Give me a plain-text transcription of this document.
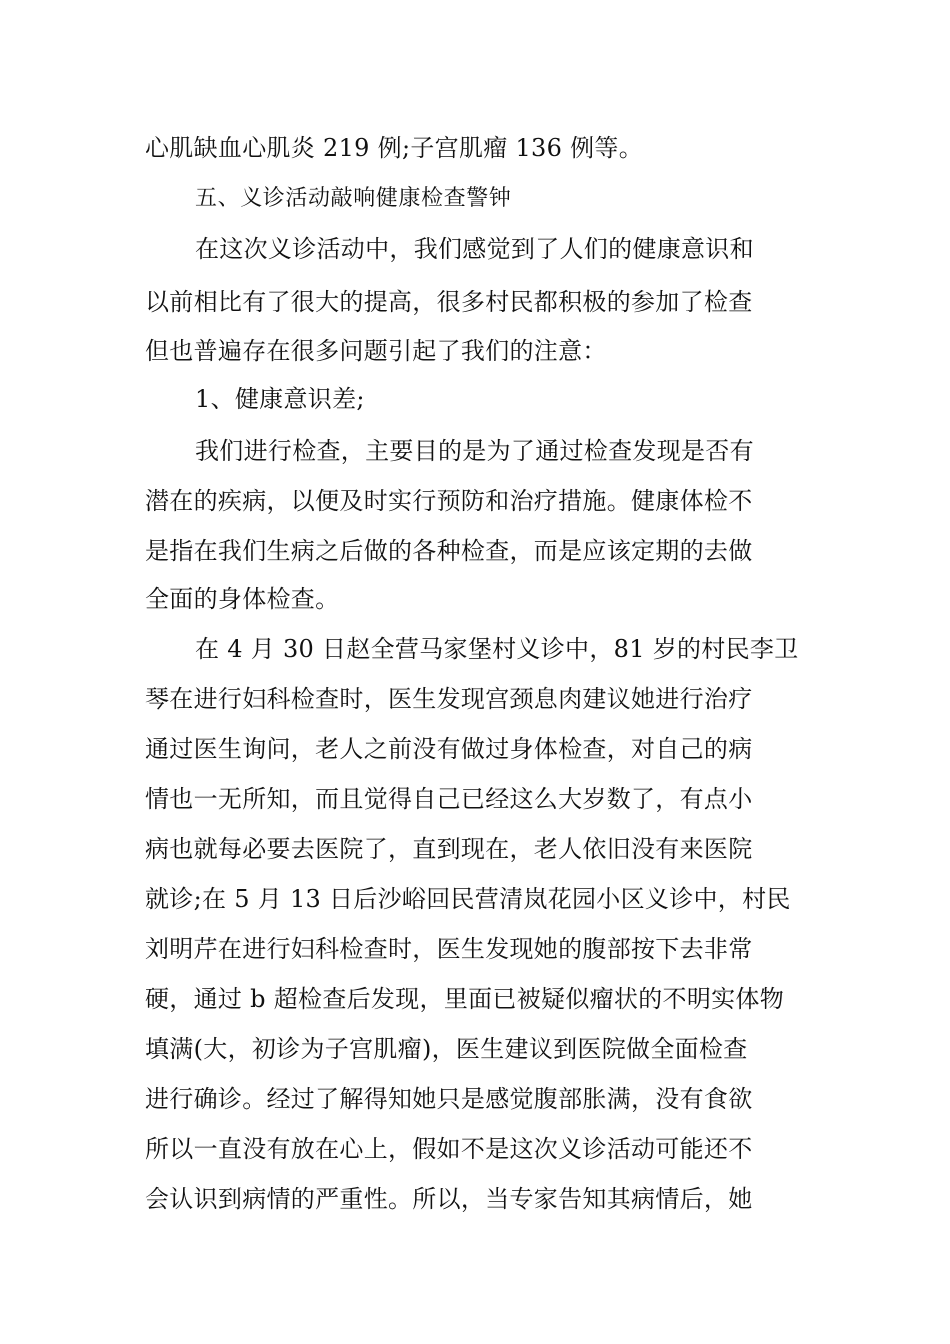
心肌缺血心肌炎 219 例;子宫肌瘤 136 例等。
五、义诊活动敲响健康检查警钟
在这次义诊活动中，我们感觉到了人们的健康意识和
以前相比有了很大的提高，很多村民都积极的参加了检查
但也普遍存在很多问题引起了我们的注意：
1、健康意识差;
我们进行检查，主要目的是为了通过检查发现是否有
潜在的疾病，以便及时实行预防和治疗措施。健康体检不
是指在我们生病之后做的各种检查，而是应该定期的去做
全面的身体检查。
在 4 月 30 日赵全营马家堡村义诊中，81 岁的村民李卫
琴在进行妇科检查时，医生发现宫颈息肉建议她进行治疗
通过医生询问，老人之前没有做过身体检查，对自己的病
情也一无所知，而且觉得自己已经这么大岁数了，有点小
病也就每必要去医院了，直到现在，老人依旧没有来医院
就诊;在 5 月 13 日后沙峪回民营清岚花园小区义诊中，村民
刘明芹在进行妇科检查时，医生发现她的腹部按下去非常
硬，通过 b 超检查后发现，里面已被疑似瘤状的不明实体物
填满(大，初诊为子宫肌瘤)，医生建议到医院做全面检查
进行确诊。经过了解得知她只是感觉腹部胀满，没有食欲
所以一直没有放在心上，假如不是这次义诊活动可能还不
会认识到病情的严重性。所以，当专家告知其病情后，她
